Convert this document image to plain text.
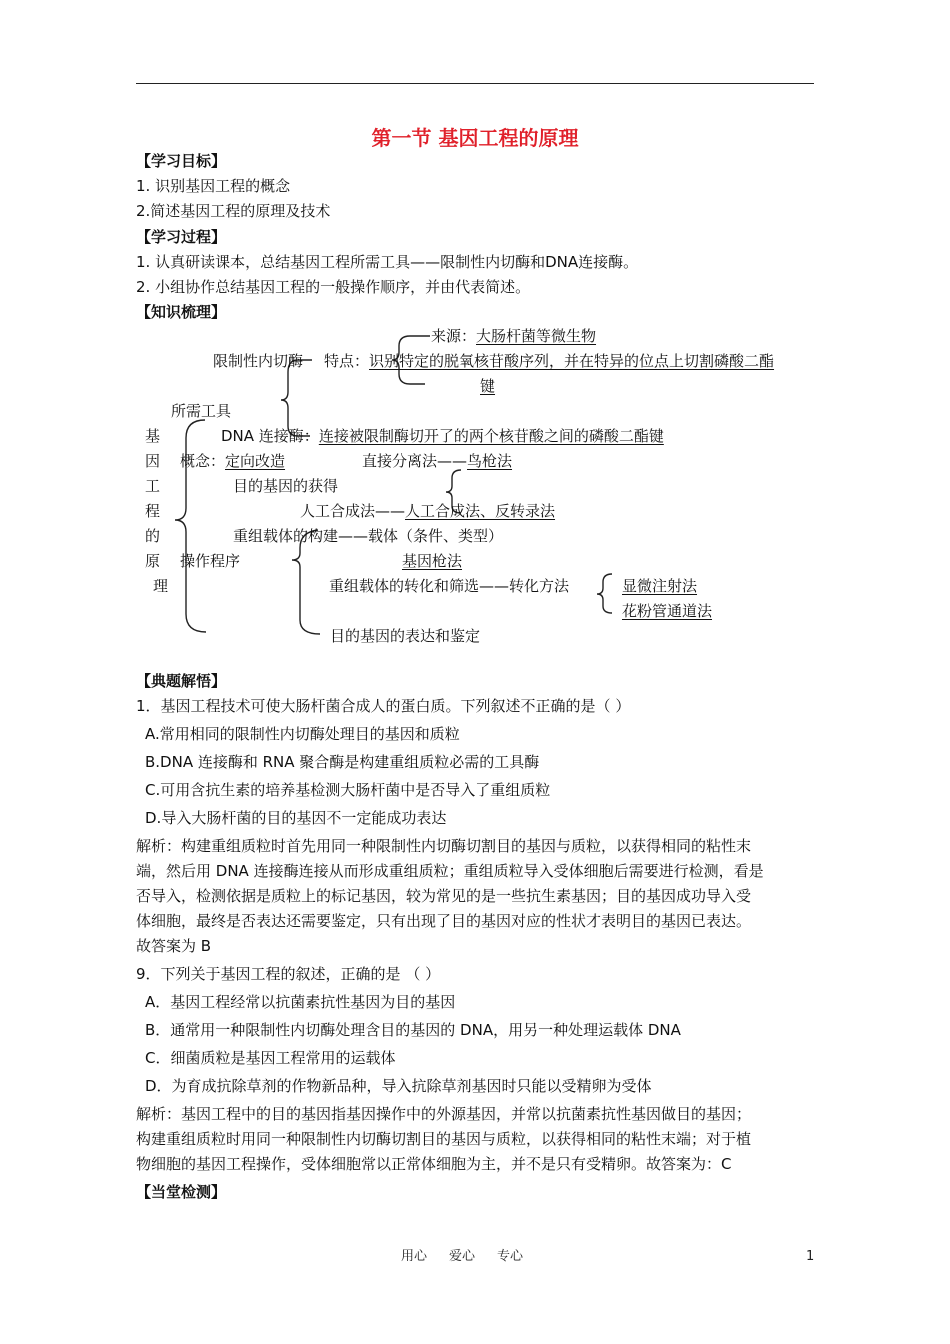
第一节 基因工程的原理
【学习目标】
1. 识别基因工程的概念
2.简述基因工程的原理及技术
【学习过程】
1. 认真研读课本，总结基因工程所需工具——限制性内切酶和DNA连接酶。
2. 小组协作总结基因工程的一般操作顺序，并由代表简述。
【知识梳理】
来源：大肠杆菌等微生物
限制性内切酶 特点：识别特定的脱氧核苷酸序列，并在特异的位点上切割磷酸二酯
键
所需工具
DNA 连接酶：连接被限制酶切开了的两个核苷酸之间的磷酸二酯键
基
因
工
程
的
原
理
概念：定向改造	直接分离法——鸟枪法
目的基因的获得
人工合成法——人工合成法、反转录法
重组载体的构建——载体（条件、类型）
操作程序	基因枪法
重组载体的转化和筛选——转化方法	显微注射法
花粉管通道法
目的基因的表达和鉴定
【典题解悟】
1．基因工程技术可使大肠杆菌合成人的蛋白质。下列叙述不正确的是（ ）
A.常用相同的限制性内切酶处理目的基因和质粒
B.DNA 连接酶和 RNA 聚合酶是构建重组质粒必需的工具酶
C.可用含抗生素的培养基检测大肠杆菌中是否导入了重组质粒
D.导入大肠杆菌的目的基因不一定能成功表达
解析：构建重组质粒时首先用同一种限制性内切酶切割目的基因与质粒，以获得相同的粘性末
端，然后用 DNA 连接酶连接从而形成重组质粒；重组质粒导入受体细胞后需要进行检测，看是
否导入，检测依据是质粒上的标记基因，较为常见的是一些抗生素基因；目的基因成功导入受
体细胞，最终是否表达还需要鉴定，只有出现了目的基因对应的性状才表明目的基因已表达。
故答案为 B
9．下列关于基因工程的叙述，正确的是 （ ）
A．基因工程经常以抗菌素抗性基因为目的基因
B．通常用一种限制性内切酶处理含目的基因的 DNA，用另一种处理运载体 DNA
C．细菌质粒是基因工程常用的运载体
D．为育成抗除草剂的作物新品种，导入抗除草剂基因时只能以受精卵为受体
解析：基因工程中的目的基因指基因操作中的外源基因，并常以抗菌素抗性基因做目的基因；
构建重组质粒时用同一种限制性内切酶切割目的基因与质粒，以获得相同的粘性末端；对于植
物细胞的基因工程操作，受体细胞常以正常体细胞为主，并不是只有受精卵。故答案为：C
【当堂检测】
用心 爱心 专心	1
